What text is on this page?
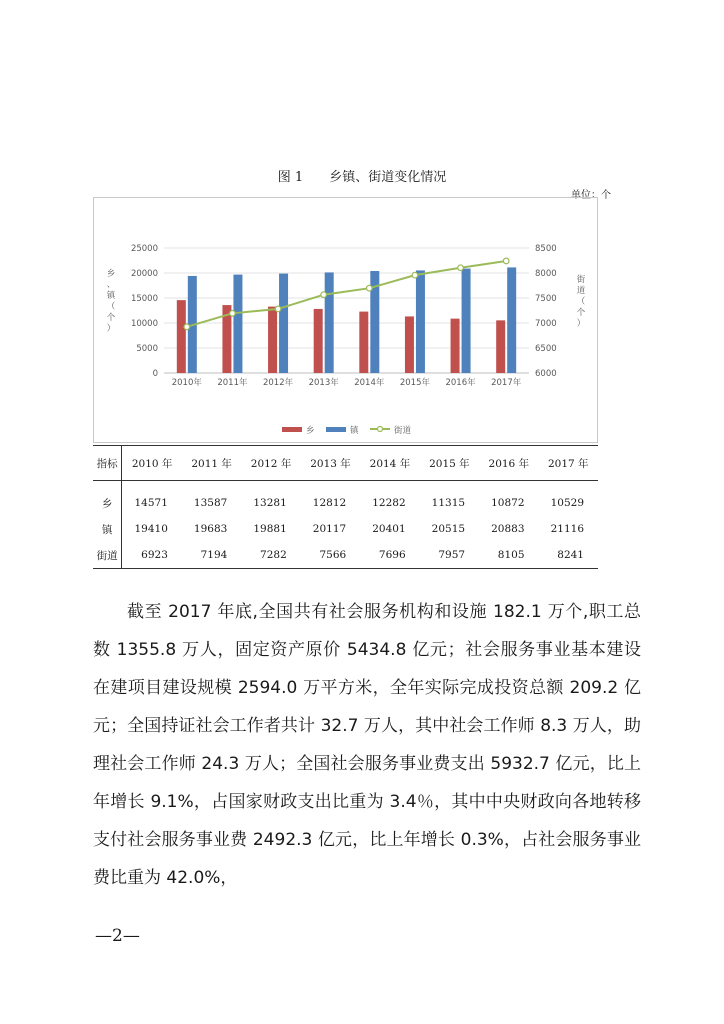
图 1　　乡镇、街道变化情况
单位：个
0
5000
10000
15000
20000
25000
6000
6500
7000
7500
8000
8500
2010年 2011年 2012年 2013年 2014年 2015年 2016年 2017年
乡
、
镇
（
个
）
街
道
（
个
）
乡	镇	街道
指标	2010 年	2011 年	2012 年	2013 年	2014 年	2015 年	2016 年	2017 年
乡	14571	13587	13281	12812	12282	11315	10872	10529
镇	19410	19683	19881	20117	20401	20515	20883	21116
街道	6923	7194	7282	7566	7696	7957	8105	8241

截至 2017 年底,全国共有社会服务机构和设施 182.1 万个,职工总数 1355.8 万人，固定资产原价 5434.8 亿元；社会服务事业基本建设在建项目建设规模 2594.0 万平方米，全年实际完成投资总额 209.2 亿元；全国持证社会工作者共计 32.7 万人，其中社会工作师 8.3 万人，助理社会工作师 24.3 万人；全国社会服务事业费支出 5932.7 亿元，比上年增长 9.1%，占国家财政支出比重为 3.4％，其中中央财政向各地转移支付社会服务事业费 2492.3 亿元，比上年增长 0.3%，占社会服务事业费比重为 42.0%，

—2—
